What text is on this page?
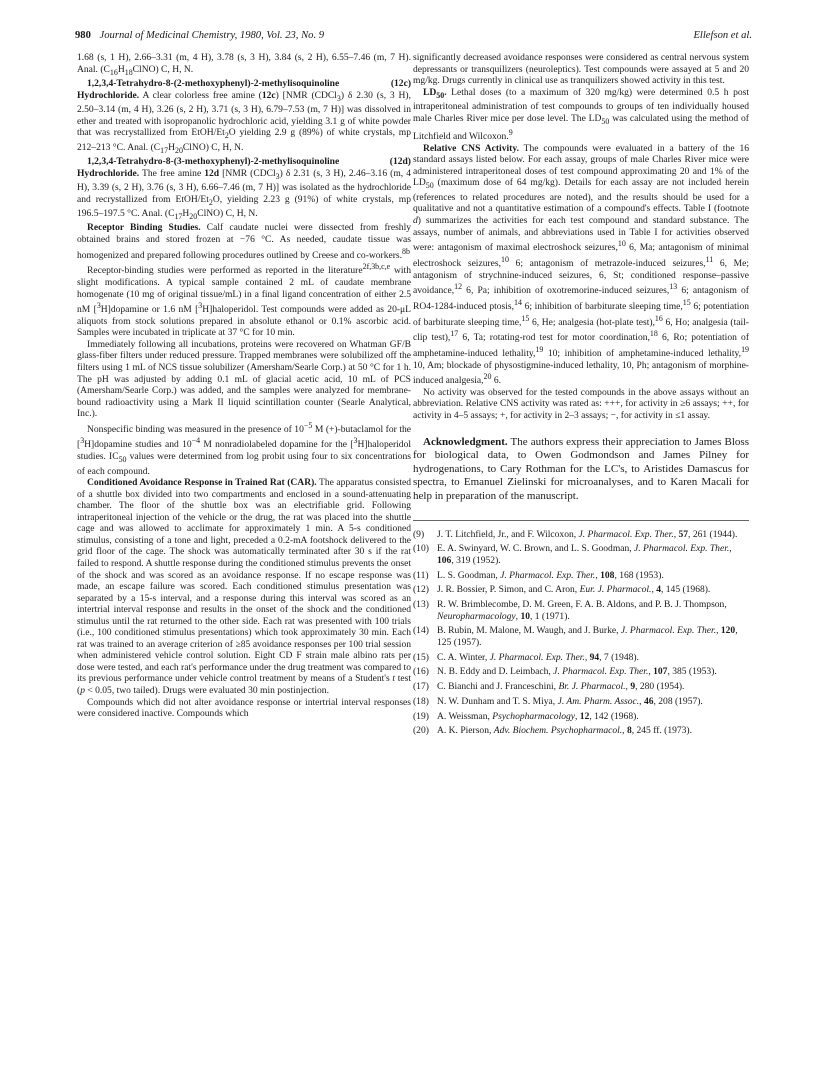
980 Journal of Medicinal Chemistry, 1980, Vol. 23, No. 9	Ellefson et al.

1.68 (s, 1 H), 2.66–3.31 (m, 4 H), 3.78 (s, 3 H), 3.84 (s, 2 H), 6.55–7.46 (m, 7 H). Anal. $(C_{16}H_{18}ClNO)$ C, H, N.

1,2,3,4-Tetrahydro-8-(2-methoxyphenyl)-2-methylisoquinoline (12c) Hydrochloride. A clear colorless free amine (12c) [NMR (CDCl$_3$) δ 2.30 (s, 3 H), 2.50–3.14 (m, 4 H), 3.26 (s, 2 H), 3.71 (s, 3 H), 6.79–7.53 (m, 7 H)] was dissolved in ether and treated with isopropanolic hydrochloric acid, yielding 3.1 g of white powder that was recrystallized from EtOH/$Et_2O$ yielding 2.9 g (89%) of white crystals, mp 212–213 °C. Anal. $(C_{17}H_{20}ClNO)$ C, H, N.

1,2,3,4-Tetrahydro-8-(3-methoxyphenyl)-2-methylisoquinoline (12d) Hydrochloride. The free amine 12d [NMR (CDCl$_3$) δ 2.31 (s, 3 H), 2.46–3.16 (m, 4 H), 3.39 (s, 2 H), 3.76 (s, 3 H), 6.66–7.46 (m, 7 H)] was isolated as the hydrochloride and recrystallized from EtOH/$Et_2O$, yielding 2.23 g (91%) of white crystals, mp 196.5–197.5 °C. Anal. $(C_{17}H_{20}ClNO)$ C, H, N.

Receptor Binding Studies. Calf caudate nuclei were dissected from freshly obtained brains and stored frozen at −76 °C. As needed, caudate tissue was homogenized and prepared following procedures outlined by Creese and co-workers.$^{8b}$

Receptor-binding studies were performed as reported in the literature$^{2f,3b,c,e}$ with slight modifications. A typical sample contained 2 mL of caudate membrane homogenate (10 mg of original tissue/mL) in a final ligand concentration of either 2.5 nM [$^3$H]dopamine or 1.6 nM [$^3$H]haloperidol. Test compounds were added as 20-μL aliquots from stock solutions prepared in absolute ethanol or 0.1% ascorbic acid. Samples were incubated in triplicate at 37 °C for 10 min.

Immediately following all incubations, proteins were recovered on Whatman GF/B glass-fiber filters under reduced pressure. Trapped membranes were solubilized off the filters using 1 mL of NCS tissue solubilizer (Amersham/Searle Corp.) at 50 °C for 1 h. The pH was adjusted by adding 0.1 mL of glacial acetic acid, 10 mL of PCS (Amersham/Searle Corp.) was added, and the samples were analyzed for membrane-bound radioactivity using a Mark II liquid scintillation counter (Searle Analytical, Inc.).

Nonspecific binding was measured in the presence of $10^{-5}$ M (+)-butaclamol for the [$^3$H]dopamine studies and $10^{-4}$ M nonradiolabeled dopamine for the [$^3$H]haloperidol studies. $IC_{50}$ values were determined from log probit using four to six concentrations of each compound.

Conditioned Avoidance Response in Trained Rat (CAR). The apparatus consisted of a shuttle box divided into two compartments and enclosed in a sound-attenuating chamber. The floor of the shuttle box was an electrifiable grid. Following intraperitoneal injection of the vehicle or the drug, the rat was placed into the shuttle cage and was allowed to acclimate for approximately 1 min. A 5-s conditioned stimulus, consisting of a tone and light, preceded a 0.2-mA footshock delivered to the grid floor of the cage. The shock was automatically terminated after 30 s if the rat failed to respond. A shuttle response during the conditioned stimulus prevents the onset of the shock and was scored as an avoidance response. If no escape response was made, an escape failure was scored. Each conditioned stimulus presentation was separated by a 15-s interval, and a response during this interval was scored as an intertrial interval response and results in the onset of the shock and the conditioned stimulus until the rat returned to the other side. Each rat was presented with 100 trials (i.e., 100 conditioned stimulus presentations) which took approximately 30 min. Each rat was trained to an average criterion of ≥85 avoidance responses per 100 trial session when administered vehicle control solution. Eight CD F strain male albino rats per dose were tested, and each rat's performance under the drug treatment was compared to its previous performance under vehicle control treatment by means of a Student's t test (p < 0.05, two tailed). Drugs were evaluated 30 min postinjection.

Compounds which did not alter avoidance response or intertrial interval responses were considered inactive. Compounds which

significantly decreased avoidance responses were considered as central nervous system depressants or transquilizers (neuroleptics). Test compounds were assayed at 5 and 20 mg/kg. Drugs currently in clinical use as tranquilizers showed activity in this test.

$LD_{50}$. Lethal doses (to a maximum of 320 mg/kg) were determined 0.5 h post intraperitoneal administration of test compounds to groups of ten individually housed male Charles River mice per dose level. The $LD_{50}$ was calculated using the method of Litchfield and Wilcoxon.$^9$

Relative CNS Activity. The compounds were evaluated in a battery of the 16 standard assays listed below. For each assay, groups of male Charles River mice were administered intraperitoneal doses of test compound approximating 20 and 1% of the $LD_{50}$ (maximum dose of 64 mg/kg). Details for each assay are not included herein (references to related procedures are noted), and the results should be used for a qualitative and not a quantitative estimation of a compound's effects. Table I (footnote d) summarizes the activities for each test compound and standard substance. The assays, number of animals, and abbreviations used in Table I for activities observed were: antagonism of maximal electroshock seizures,$^{10}$ 6, Ma; antagonism of minimal electroshock seizures,$^{10}$ 6; antagonism of metrazole-induced seizures,$^{11}$ 6, Me; antagonism of strychnine-induced seizures, 6, St; conditioned response–passive avoidance,$^{12}$ 6, Pa; inhibition of oxotremorine-induced seizures,$^{13}$ 6; antagonism of RO4-1284-induced ptosis,$^{14}$ 6; inhibition of barbiturate sleeping time,$^{15}$ 6; potentiation of barbiturate sleeping time,$^{15}$ 6, He; analgesia (hot-plate test),$^{16}$ 6, Ho; analgesia (tail-clip test),$^{17}$ 6, Ta; rotating-rod test for motor coordination,$^{18}$ 6, Ro; potentiation of amphetamine-induced lethality,$^{19}$ 10; inhibition of amphetamine-induced lethality,$^{19}$ 10, Am; blockade of physostigmine-induced lethality, 10, Ph; antagonism of morphine-induced analgesia,$^{20}$ 6.

No activity was observed for the tested compounds in the above assays without an abbreviation. Relative CNS activity was rated as: +++, for activity in ≥6 assays; ++, for activity in 4–5 assays; +, for activity in 2–3 assays; −, for activity in ≤1 assay.

Acknowledgment. The authors express their appreciation to James Bloss for biological data, to Owen Godmondson and James Pilney for hydrogenations, to Cary Rothman for the LC's, to Aristides Damascus for spectra, to Emanuel Zielinski for microanalyses, and to Karen Macali for help in preparation of the manuscript.

(9)	J. T. Litchfield, Jr., and F. Wilcoxon, J. Pharmacol. Exp. Ther., 57, 261 (1944).
(10) E. A. Swinyard, W. C. Brown, and L. S. Goodman, J. Pharmacol. Exp. Ther., 106, 319 (1952).
(11) L. S. Goodman, J. Pharmacol. Exp. Ther., 108, 168 (1953).
(12) J. R. Bossier, P. Simon, and C. Aron, Eur. J. Pharmacol., 4, 145 (1968).
(13) R. W. Brimblecombe, D. M. Green, F. A. B. Aldons, and P. B. J. Thompson, Neuropharmacology, 10, 1 (1971).
(14) B. Rubin, M. Malone, M. Waugh, and J. Burke, J. Pharmacol. Exp. Ther., 120, 125 (1957).
(15) C. A. Winter, J. Pharmacol. Exp. Ther., 94, 7 (1948).
(16) N. B. Eddy and D. Leimbach, J. Pharmacol. Exp. Ther., 107, 385 (1953).
(17) C. Bianchi and J. Franceschini, Br. J. Pharmacol., 9, 280 (1954).
(18) N. W. Dunham and T. S. Miya, J. Am. Pharm. Assoc., 46, 208 (1957).
(19) A. Weissman, Psychopharmacology, 12, 142 (1968).
(20) A. K. Pierson, Adv. Biochem. Psychopharmacol., 8, 245 ff. (1973).
